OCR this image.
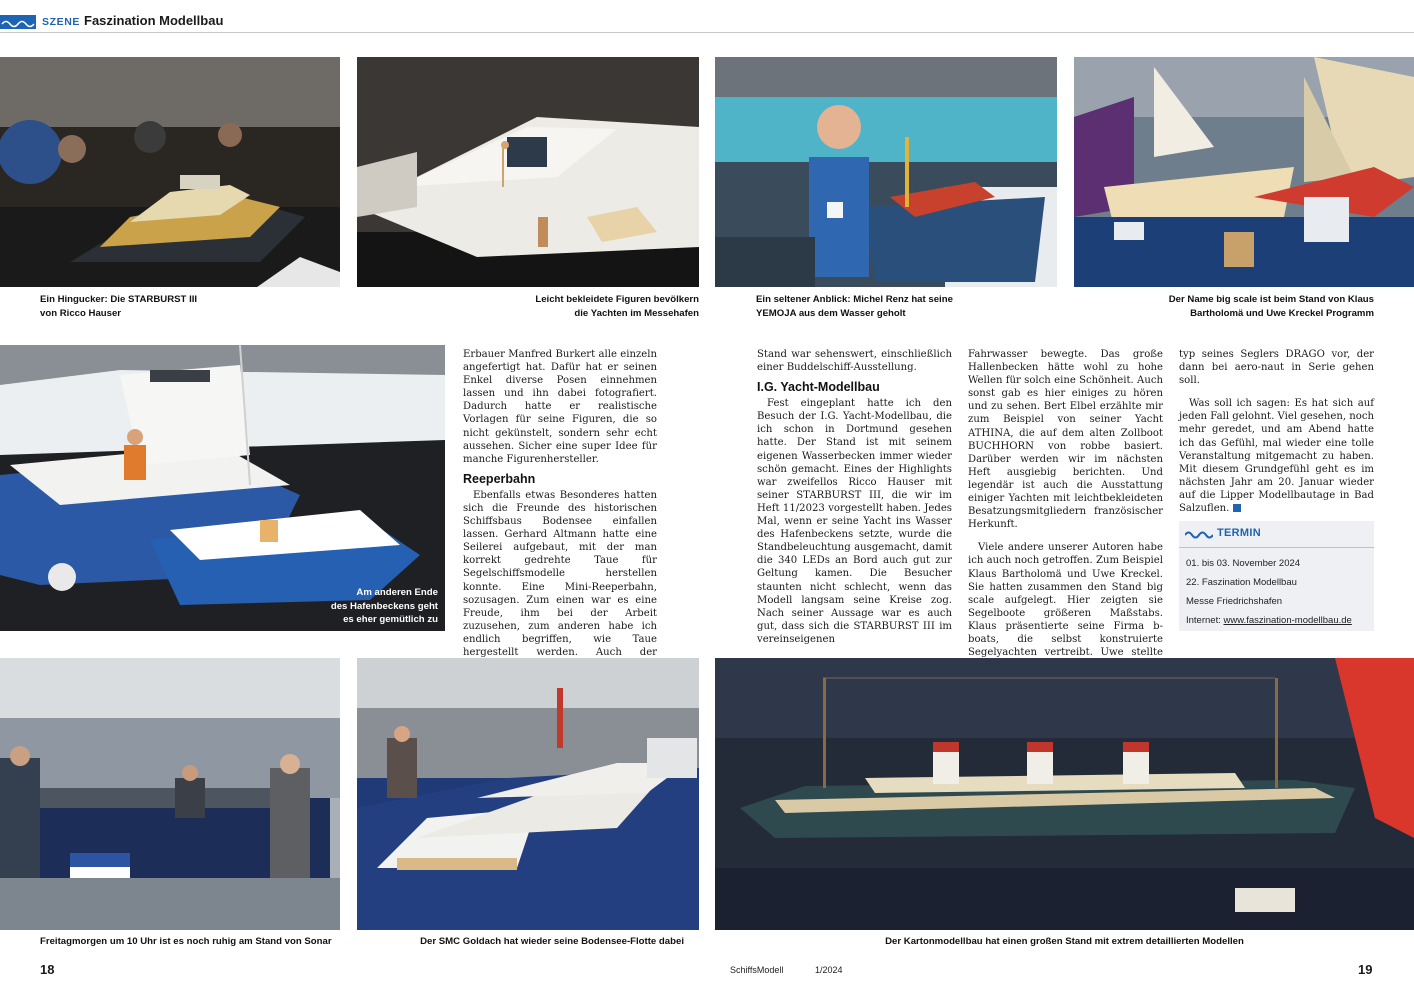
SZENE Faszination Modellbau
Ein Hingucker: Die STARBURST III
von Ricco Hauser
Leicht bekleidete Figuren bevölkern
die Yachten im Messehafen
Ein seltener Anblick: Michel Renz hat seine
YEMOJA aus dem Wasser geholt
Der Name big scale ist beim Stand von Klaus
Bartholomä und Uwe Kreckel Programm
Am anderen Ende
des Hafenbeckens geht
es eher gemütlich zu

Erbauer Manfred Burkert alle einzeln angefertigt hat. Dafür hat er seinen Enkel diverse Posen einnehmen lassen und ihn dabei fotografiert. Dadurch hatte er realistische Vorlagen für seine Figuren, die so nicht gekünstelt, sondern sehr echt aussehen. Sicher eine super Idee für manche Figurenhersteller.

Reeperbahn

Ebenfalls etwas Besonderes hatten sich die Freunde des historischen Schiffsbaus Bodensee einfallen lassen. Gerhard Altmann hatte eine Seilerei aufgebaut, mit der man korrekt gedrehte Taue für Segelschiffsmodelle herstellen konnte. Eine Mini-Reeperbahn, sozusagen. Zum einen war es eine Freude, ihm bei der Arbeit zuzusehen, zum anderen habe ich endlich begriffen, wie Taue hergestellt werden. Auch der

Stand war sehenswert, einschließlich einer Buddelschiff-Ausstellung.

I.G. Yacht-Modellbau

Fest eingeplant hatte ich den Besuch der I.G. Yacht-Modellbau, die ich schon in Dortmund gesehen hatte. Der Stand ist mit seinem eigenen Wasserbecken immer wieder schön gemacht. Eines der Highlights war zweifellos Ricco Hauser mit seiner STARBURST III, die wir im Heft 11/2023 vorgestellt haben. Jedes Mal, wenn er seine Yacht ins Wasser des Hafenbeckens setzte, wurde die Standbeleuchtung ausgemacht, damit die 340 LEDs an Bord auch gut zur Geltung kamen. Die Besucher staunten nicht schlecht, wenn das Modell langsam seine Kreise zog. Nach seiner Aussage war es auch gut, dass sich die STARBURST III im vereinseigenen

Fahrwasser bewegte. Das große Hallenbecken hätte wohl zu hohe Wellen für solch eine Schönheit. Auch sonst gab es hier einiges zu hören und zu sehen. Bert Elbel erzählte mir zum Beispiel von seiner Yacht ATHINA, die auf dem alten Zollboot BUCHHORN von robbe basiert. Darüber werden wir im nächsten Heft ausgiebig berichten. Und legendär ist auch die Ausstattung einiger Yachten mit leichtbekleideten Besatzungsmitgliedern französischer Herkunft.

Viele andere unserer Autoren habe ich auch noch getroffen. Zum Beispiel Klaus Bartholomä und Uwe Kreckel. Sie hatten zusammen den Stand big scale aufgelegt. Hier zeigten sie Segelboote größeren Maßstabs. Klaus präsentierte seine Firma b-boats, die selbst konstruierte Segelyachten vertreibt. Uwe stellte

typ seines Seglers DRAGO vor, der dann bei aero-naut in Serie gehen soll.

Was soll ich sagen: Es hat sich auf jeden Fall gelohnt. Viel gesehen, noch mehr geredet, und am Abend hatte ich das Gefühl, mal wieder eine tolle Veranstaltung mitgemacht zu haben. Mit diesem Grundgefühl geht es im nächsten Jahr am 20. Januar wieder auf die Lipper Modellbautage in Bad Salzuflen.

TERMIN
01. bis 03. November 2024
22. Faszination Modellbau
Messe Friedrichshafen
Internet: www.faszination-modellbau.de
Freitagmorgen um 10 Uhr ist es noch ruhig am Stand von Sonar	Der SMC Goldach hat wieder seine Bodensee-Flotte dabei	Der Kartonmodellbau hat einen großen Stand mit extrem detaillierten Modellen
18	SchiffsModell	1/2024	19
